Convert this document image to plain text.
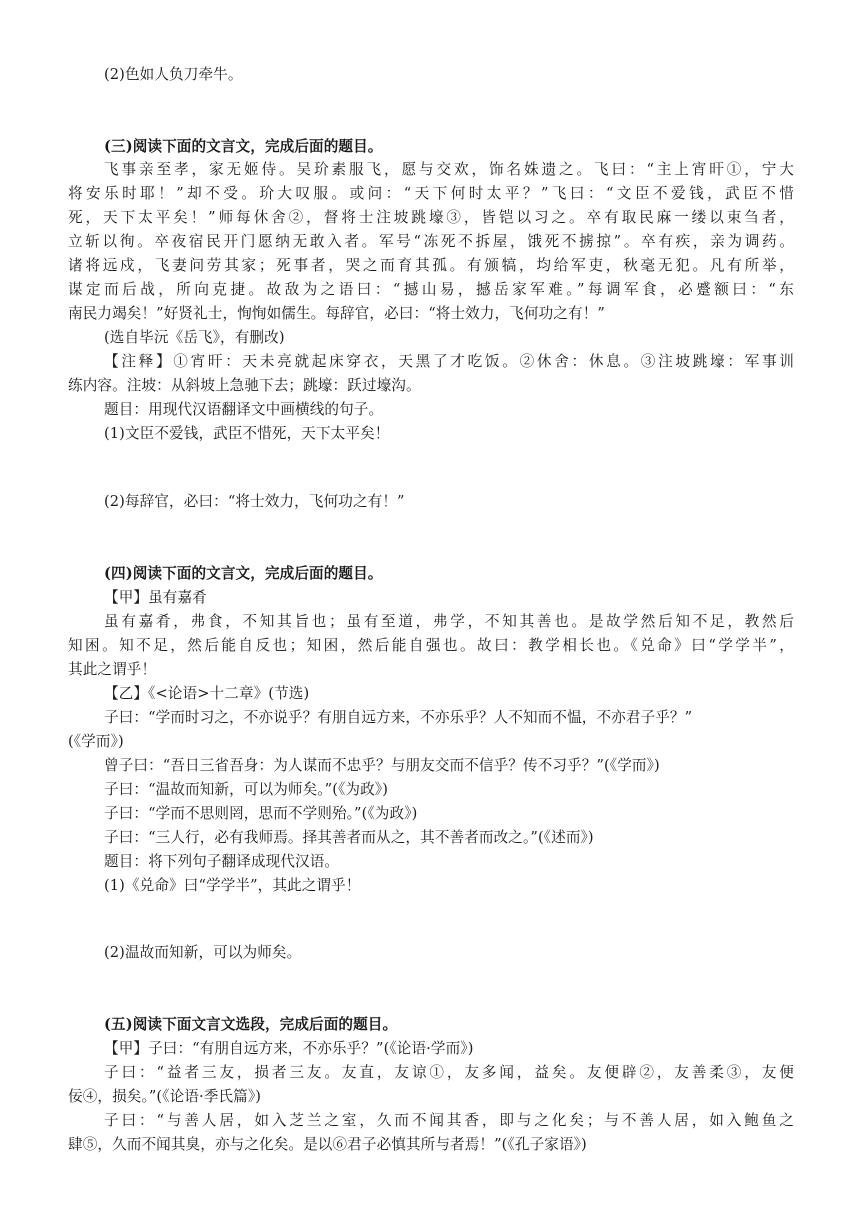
(2)色如人负刀牵牛。
(三)阅读下面的文言文，完成后面的题目。
飞事亲至孝，家无姬侍。吴玠素服飞，愿与交欢，饰名姝遗之。飞曰：“主上宵旰①，宁大
将安乐时耶！”却不受。玠大叹服。或问：“天下何时太平？”飞曰：“文臣不爱钱，武臣不惜
死，天下太平矣！”师每休舍②，督将士注坡跳壕③，皆铠以习之。卒有取民麻一缕以束刍者，
立斩以徇。卒夜宿民开门愿纳无敢入者。军号“冻死不拆屋，饿死不掳掠”。卒有疾，亲为调药。
诸将远戍，飞妻问劳其家；死事者，哭之而育其孤。有颁犒，均给军吏，秋毫无犯。凡有所举，
谋定而后战，所向克捷。故敌为之语曰：“撼山易，撼岳家军难。”每调军食，必蹙额曰：“东
南民力竭矣！”好贤礼士，恂恂如儒生。每辞官，必曰：“将士效力，飞何功之有！”
(选自毕沅《岳飞》，有删改)
【注释】①宵旰：天未亮就起床穿衣，天黑了才吃饭。②休舍：休息。③注坡跳壕：军事训
练内容。注坡：从斜坡上急驰下去；跳壕：跃过壕沟。
题目：用现代汉语翻译文中画横线的句子。
(1)文臣不爱钱，武臣不惜死，天下太平矣！
(2)每辞官，必曰：“将士效力，飞何功之有！”
(四)阅读下面的文言文，完成后面的题目。
【甲】虽有嘉肴
虽有嘉肴，弗食，不知其旨也；虽有至道，弗学，不知其善也。是故学然后知不足，教然后
知困。知不足，然后能自反也；知困，然后能自强也。故曰：教学相长也。《兑命》曰“学学半”，
其此之谓乎！
【乙】《<论语>十二章》(节选)
子曰：“学而时习之，不亦说乎？有朋自远方来，不亦乐乎？人不知而不愠，不亦君子乎？”
(《学而》)
曾子曰：“吾日三省吾身：为人谋而不忠乎？与朋友交而不信乎？传不习乎？”(《学而》)
子曰：“温故而知新，可以为师矣。”(《为政》)
子曰：“学而不思则罔，思而不学则殆。”(《为政》)
子曰：“三人行，必有我师焉。择其善者而从之，其不善者而改之。”(《述而》)
题目：将下列句子翻译成现代汉语。
(1)《兑命》曰“学学半”，其此之谓乎！
(2)温故而知新，可以为师矣。
(五)阅读下面文言文选段，完成后面的题目。
【甲】子曰：“有朋自远方来，不亦乐乎？”(《论语·学而》)
子曰：“益者三友，损者三友。友直，友谅①，友多闻，益矣。友便辟②，友善柔③，友便
佞④，损矣。”(《论语·季氏篇》)
子曰：“与善人居，如入芝兰之室，久而不闻其香，即与之化矣；与不善人居，如入鲍鱼之
肆⑤，久而不闻其臭，亦与之化矣。是以⑥君子必慎其所与者焉！”(《孔子家语》)
